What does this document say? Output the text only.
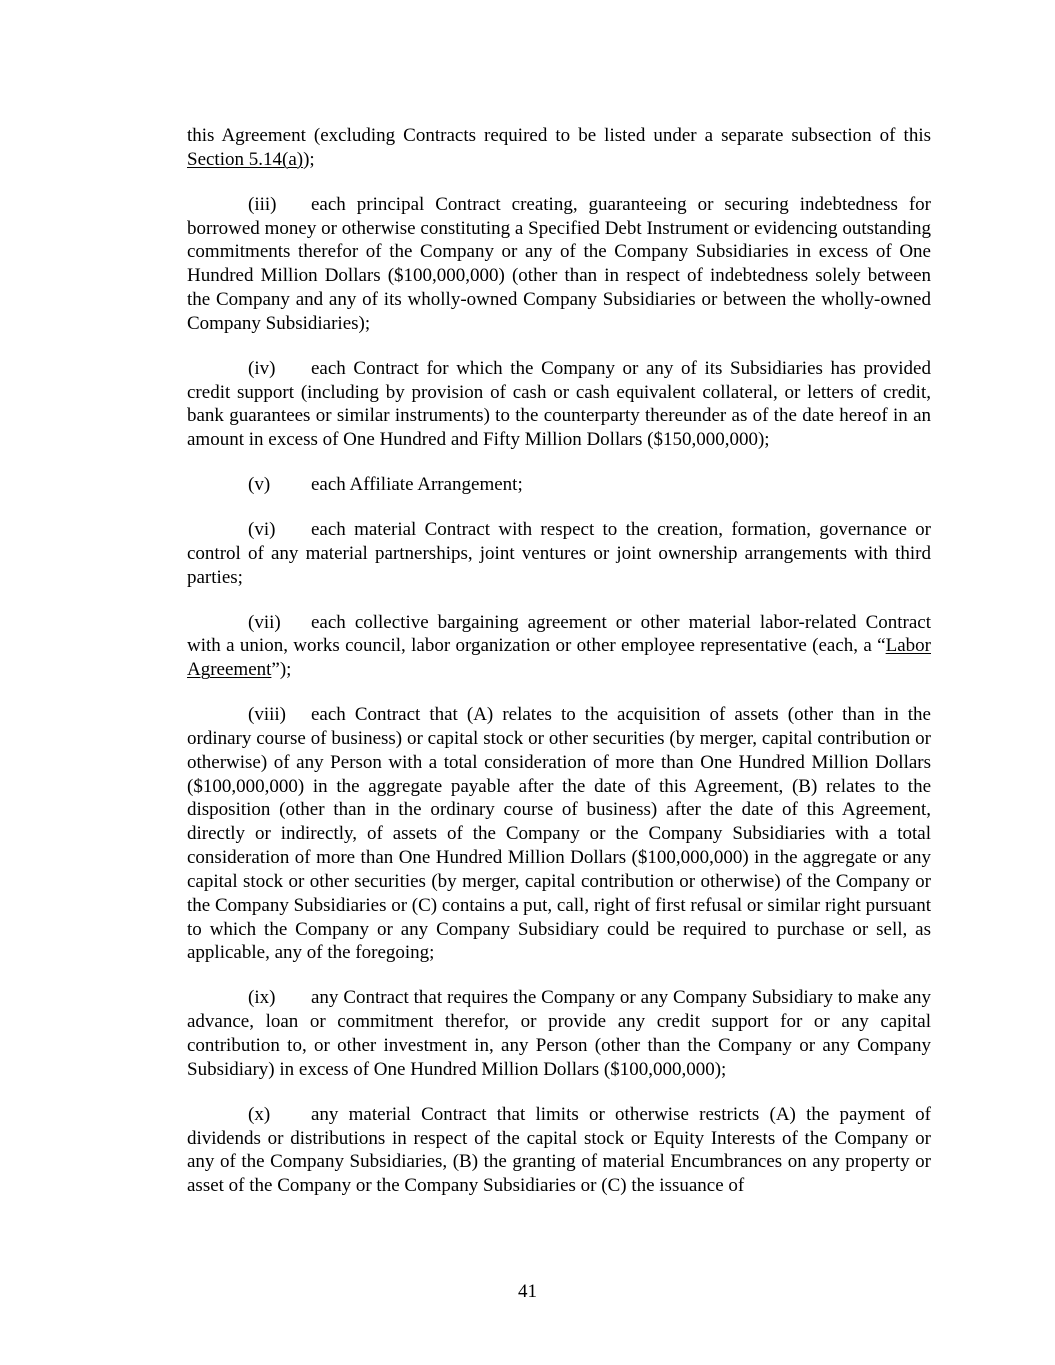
this Agreement (excluding Contracts required to be listed under a separate subsection of this Section 5.14(a));

(iii) each principal Contract creating, guaranteeing or securing indebtedness for borrowed money or otherwise constituting a Specified Debt Instrument or evidencing outstanding commitments therefor of the Company or any of the Company Subsidiaries in excess of One Hundred Million Dollars ($100,000,000) (other than in respect of indebtedness solely between the Company and any of its wholly-owned Company Subsidiaries or between the wholly-owned Company Subsidiaries);

(iv) each Contract for which the Company or any of its Subsidiaries has provided credit support (including by provision of cash or cash equivalent collateral, or letters of credit, bank guarantees or similar instruments) to the counterparty thereunder as of the date hereof in an amount in excess of One Hundred and Fifty Million Dollars ($150,000,000);

(v) each Affiliate Arrangement;

(vi) each material Contract with respect to the creation, formation, governance or control of any material partnerships, joint ventures or joint ownership arrangements with third parties;

(vii) each collective bargaining agreement or other material labor-related Contract with a union, works council, labor organization or other employee representative (each, a “Labor Agreement”);

(viii) each Contract that (A) relates to the acquisition of assets (other than in the ordinary course of business) or capital stock or other securities (by merger, capital contribution or otherwise) of any Person with a total consideration of more than One Hundred Million Dollars ($100,000,000) in the aggregate payable after the date of this Agreement, (B) relates to the disposition (other than in the ordinary course of business) after the date of this Agreement, directly or indirectly, of assets of the Company or the Company Subsidiaries with a total consideration of more than One Hundred Million Dollars ($100,000,000) in the aggregate or any capital stock or other securities (by merger, capital contribution or otherwise) of the Company or the Company Subsidiaries or (C) contains a put, call, right of first refusal or similar right pursuant to which the Company or any Company Subsidiary could be required to purchase or sell, as applicable, any of the foregoing;

(ix) any Contract that requires the Company or any Company Subsidiary to make any advance, loan or commitment therefor, or provide any credit support for or any capital contribution to, or other investment in, any Person (other than the Company or any Company Subsidiary) in excess of One Hundred Million Dollars ($100,000,000);

(x) any material Contract that limits or otherwise restricts (A) the payment of dividends or distributions in respect of the capital stock or Equity Interests of the Company or any of the Company Subsidiaries, (B) the granting of material Encumbrances on any property or asset of the Company or the Company Subsidiaries or (C) the issuance of

41
